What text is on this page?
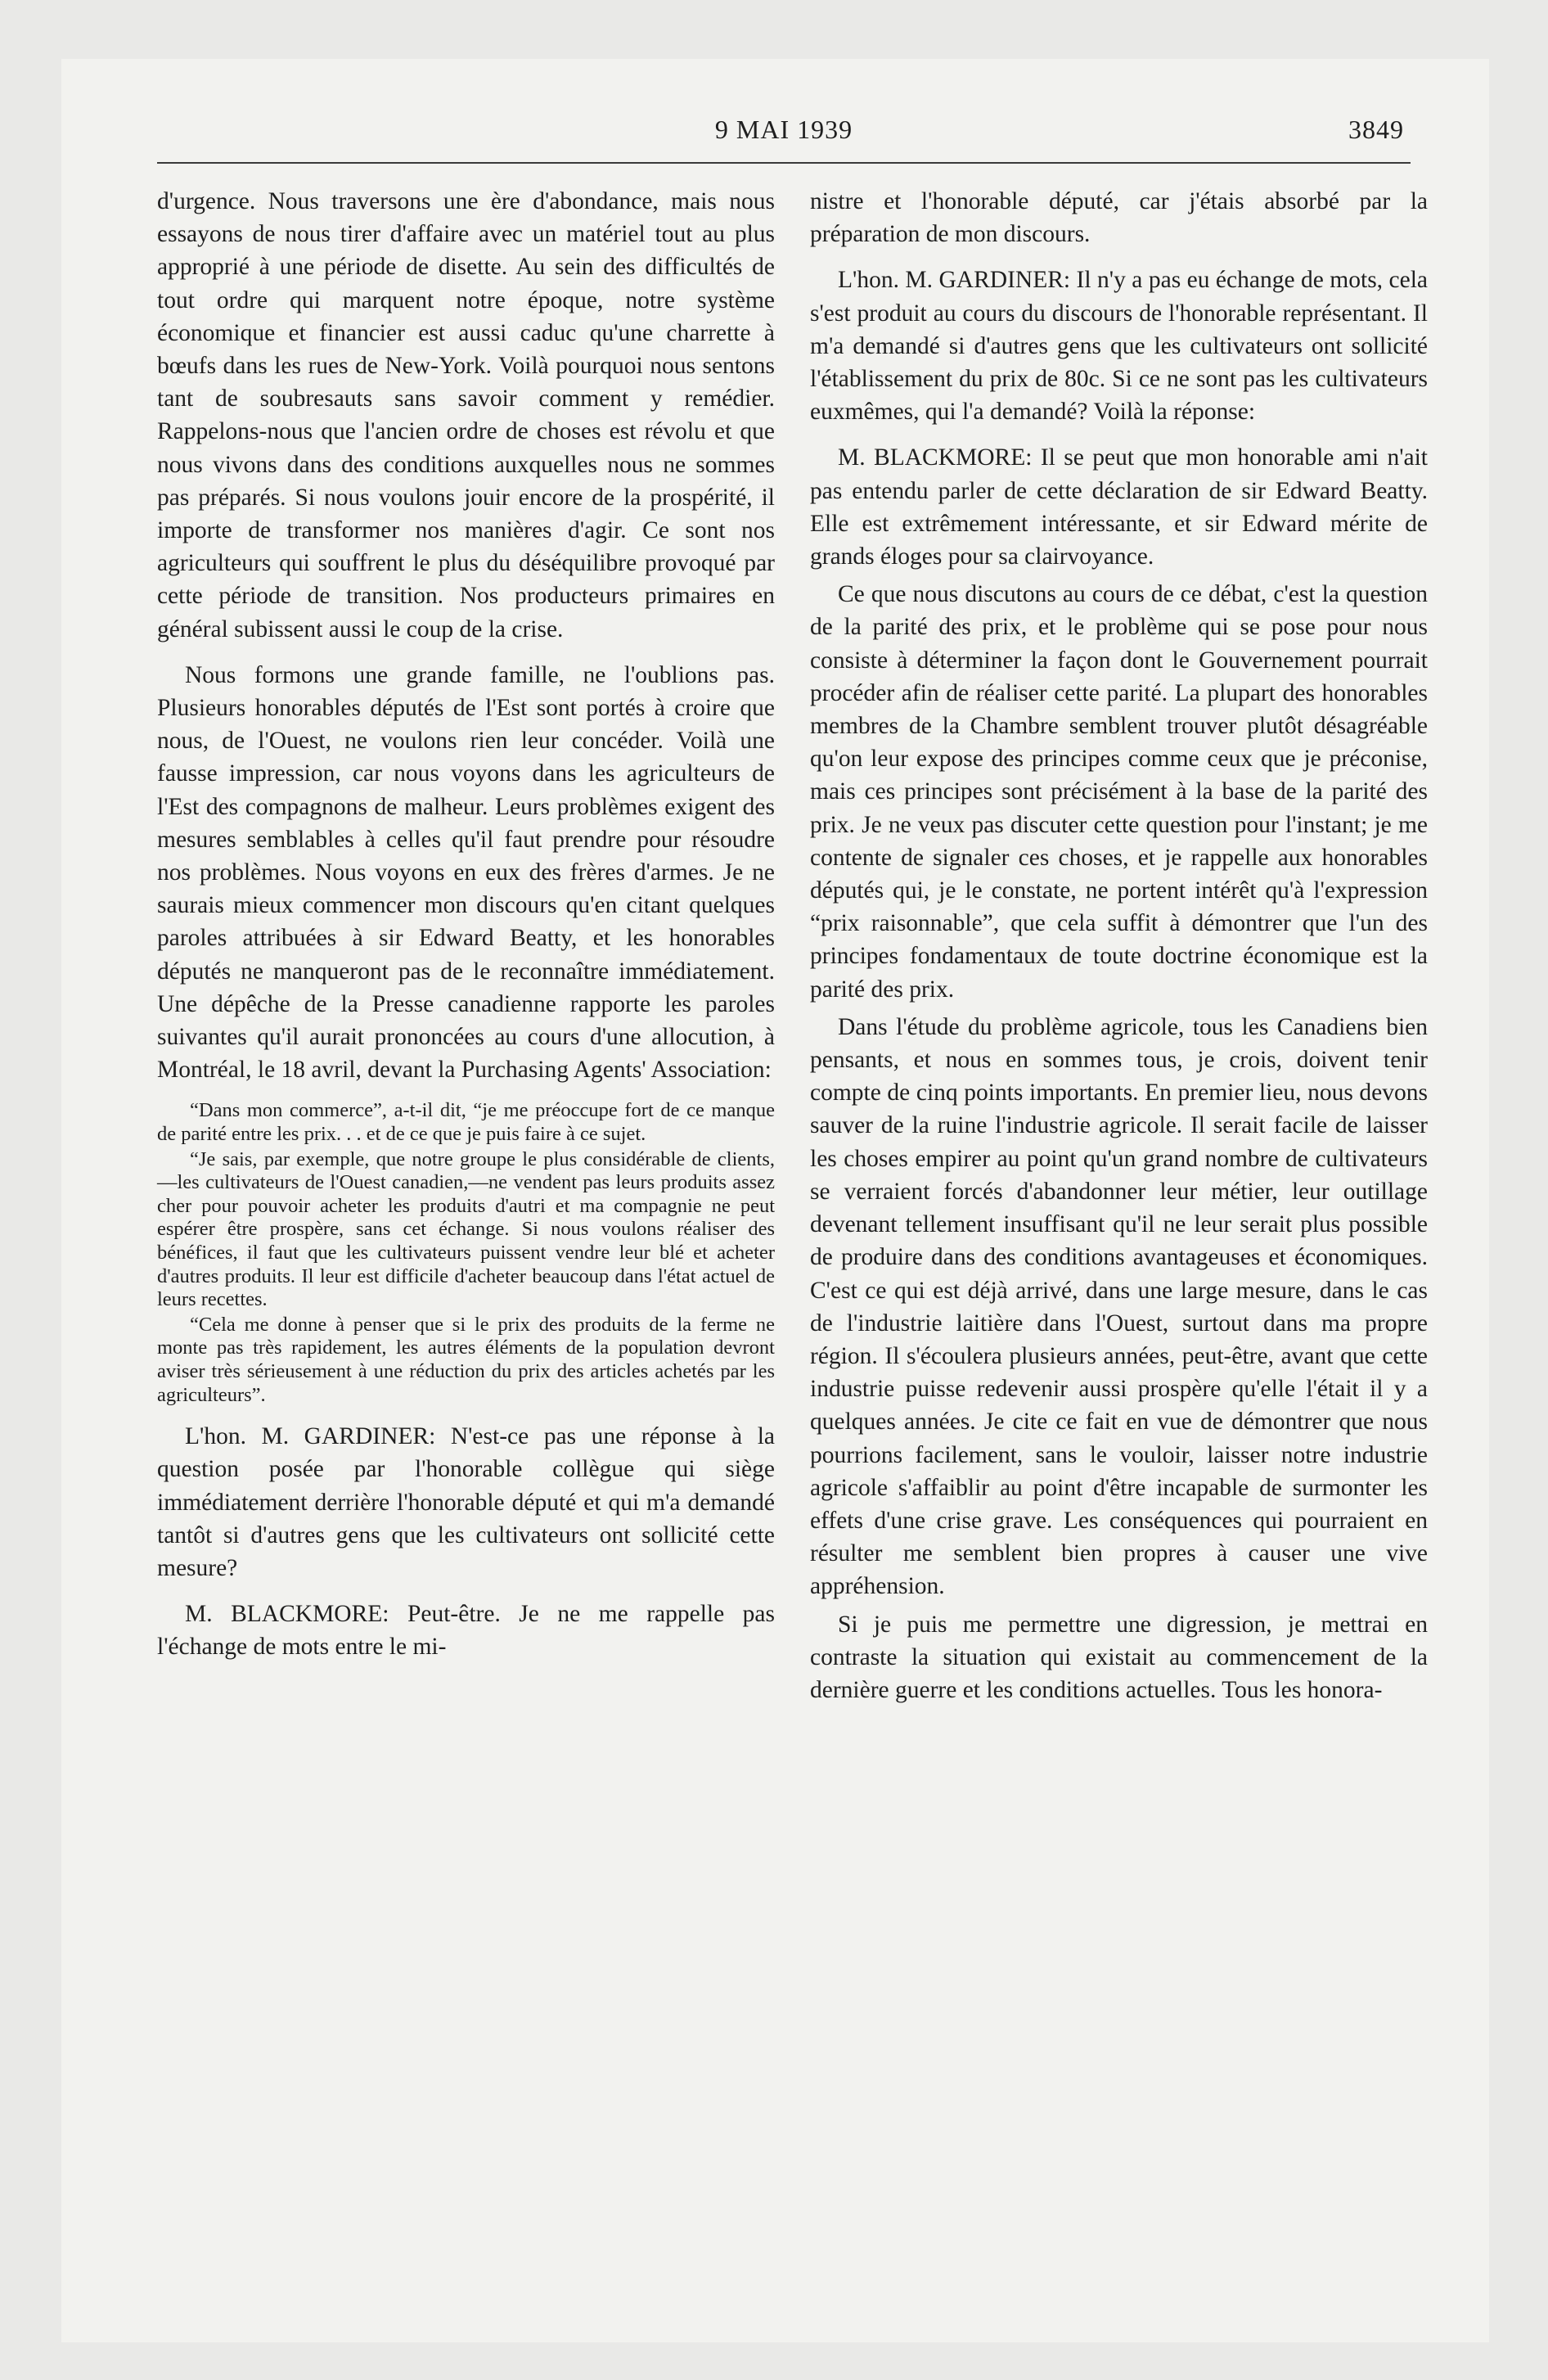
9 MAI 1939	3849

d'urgence. Nous traversons une ère d'abondance, mais nous essayons de nous tirer d'affaire avec un matériel tout au plus approprié à une période de disette. Au sein des difficultés de tout ordre qui marquent notre époque, notre système économique et financier est aussi caduc qu'une charrette à bœufs dans les rues de New-York. Voilà pourquoi nous sentons tant de soubresauts sans savoir comment y remédier. Rappelons-nous que l'ancien ordre de choses est révolu et que nous vivons dans des conditions auxquelles nous ne sommes pas préparés. Si nous voulons jouir encore de la prospérité, il importe de transformer nos manières d'agir. Ce sont nos agriculteurs qui souffrent le plus du déséquilibre provoqué par cette période de transition. Nos producteurs primaires en général subissent aussi le coup de la crise.

Nous formons une grande famille, ne l'oublions pas. Plusieurs honorables députés de l'Est sont portés à croire que nous, de l'Ouest, ne voulons rien leur concéder. Voilà une fausse impression, car nous voyons dans les agriculteurs de l'Est des compagnons de malheur. Leurs problèmes exigent des mesures semblables à celles qu'il faut prendre pour résoudre nos problèmes. Nous voyons en eux des frères d'armes. Je ne saurais mieux commencer mon discours qu'en citant quelques paroles attribuées à sir Edward Beatty, et les honorables députés ne manqueront pas de le reconnaître immédiatement. Une dépêche de la Presse canadienne rapporte les paroles suivantes qu'il aurait prononcées au cours d'une allocution, à Montréal, le 18 avril, devant la Purchasing Agents' Association:

“Dans mon commerce”, a-t-il dit, “je me préoccupe fort de ce manque de parité entre les prix. . . et de ce que je puis faire à ce sujet.

“Je sais, par exemple, que notre groupe le plus considérable de clients,—les cultivateurs de l'Ouest canadien,—ne vendent pas leurs produits assez cher pour pouvoir acheter les produits d'autri et ma compagnie ne peut espérer être prospère, sans cet échange. Si nous voulons réaliser des bénéfices, il faut que les cultivateurs puissent vendre leur blé et acheter d'autres produits. Il leur est difficile d'acheter beaucoup dans l'état actuel de leurs recettes.

“Cela me donne à penser que si le prix des produits de la ferme ne monte pas très rapidement, les autres éléments de la population devront aviser très sérieusement à une réduction du prix des articles achetés par les agriculteurs”.

L'hon. M. GARDINER: N'est-ce pas une réponse à la question posée par l'honorable collègue qui siège immédiatement derrière l'honorable député et qui m'a demandé tantôt si d'autres gens que les cultivateurs ont sollicité cette mesure?

M. BLACKMORE: Peut-être. Je ne me rappelle pas l'échange de mots entre le mi-

nistre et l'honorable député, car j'étais absorbé par la préparation de mon discours.

L'hon. M. GARDINER: Il n'y a pas eu échange de mots, cela s'est produit au cours du discours de l'honorable représentant. Il m'a demandé si d'autres gens que les cultivateurs ont sollicité l'établissement du prix de 80c. Si ce ne sont pas les cultivateurs euxmêmes, qui l'a demandé? Voilà la réponse:

M. BLACKMORE: Il se peut que mon honorable ami n'ait pas entendu parler de cette déclaration de sir Edward Beatty. Elle est extrêmement intéressante, et sir Edward mérite de grands éloges pour sa clairvoyance.

Ce que nous discutons au cours de ce débat, c'est la question de la parité des prix, et le problème qui se pose pour nous consiste à déterminer la façon dont le Gouvernement pourrait procéder afin de réaliser cette parité. La plupart des honorables membres de la Chambre semblent trouver plutôt désagréable qu'on leur expose des principes comme ceux que je préconise, mais ces principes sont précisément à la base de la parité des prix. Je ne veux pas discuter cette question pour l'instant; je me contente de signaler ces choses, et je rappelle aux honorables députés qui, je le constate, ne portent intérêt qu'à l'expression “prix raisonnable”, que cela suffit à démontrer que l'un des principes fondamentaux de toute doctrine économique est la parité des prix.

Dans l'étude du problème agricole, tous les Canadiens bien pensants, et nous en sommes tous, je crois, doivent tenir compte de cinq points importants. En premier lieu, nous devons sauver de la ruine l'industrie agricole. Il serait facile de laisser les choses empirer au point qu'un grand nombre de cultivateurs se verraient forcés d'abandonner leur métier, leur outillage devenant tellement insuffisant qu'il ne leur serait plus possible de produire dans des conditions avantageuses et économiques. C'est ce qui est déjà arrivé, dans une large mesure, dans le cas de l'industrie laitière dans l'Ouest, surtout dans ma propre région. Il s'écoulera plusieurs années, peut-être, avant que cette industrie puisse redevenir aussi prospère qu'elle l'était il y a quelques années. Je cite ce fait en vue de démontrer que nous pourrions facilement, sans le vouloir, laisser notre industrie agricole s'affaiblir au point d'être incapable de surmonter les effets d'une crise grave. Les conséquences qui pourraient en résulter me semblent bien propres à causer une vive appréhension.

Si je puis me permettre une digression, je mettrai en contraste la situation qui existait au commencement de la dernière guerre et les conditions actuelles. Tous les honora-
